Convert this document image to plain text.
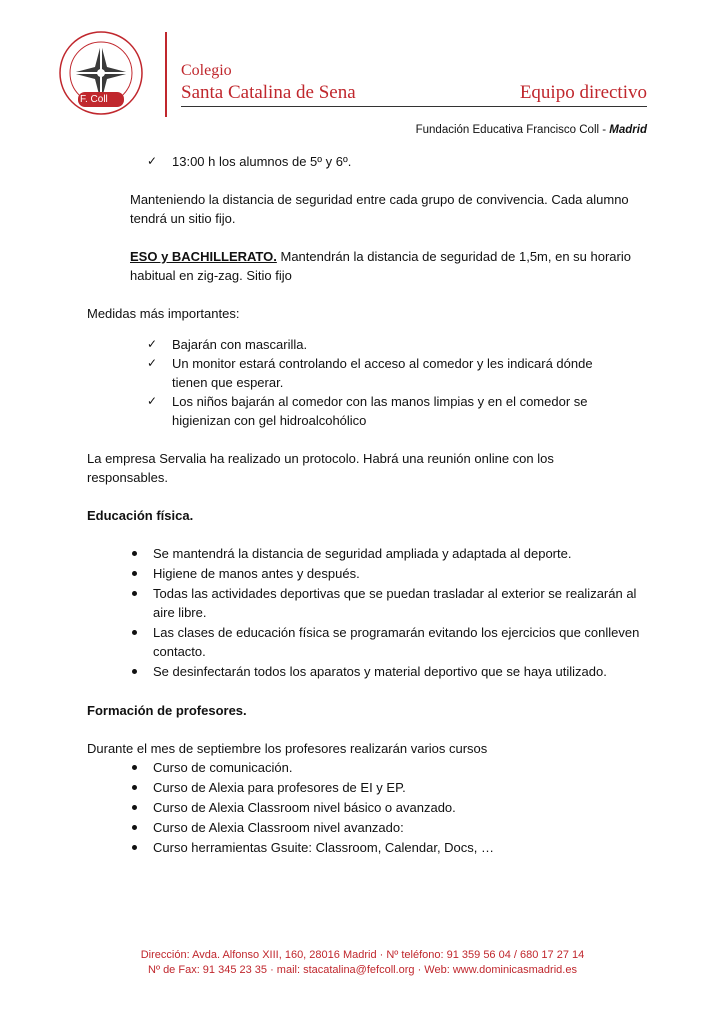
F. Coll
Colegio
Santa Catalina de Sena	Equipo directivo
Fundación Educativa Francisco Coll - Madrid
✓ 13:00 h los alumnos de 5º y 6º.

Manteniendo la distancia de seguridad entre cada grupo de convivencia. Cada alumno
tendrá un sitio fijo.

ESO y BACHILLERATO. Mantendrán la distancia de seguridad de 1,5m, en su horario
habitual en zig-zag. Sitio fijo

Medidas más importantes:

✓ Bajarán con mascarilla.
✓ Un monitor estará controlando el acceso al comedor y les indicará dónde
tienen que esperar.
✓ Los niños bajarán al comedor con las manos limpias y en el comedor se
higienizan con gel hidroalcohólico

La empresa Servalia ha realizado un protocolo. Habrá una reunión online con los
responsables.

Educación física.

Se mantendrá la distancia de seguridad ampliada y adaptada al deporte.
Higiene de manos antes y después.
Todas las actividades deportivas que se puedan trasladar al exterior se realizarán al
aire libre.
Las clases de educación física se programarán evitando los ejercicios que conlleven
contacto.
Se desinfectarán todos los aparatos y material deportivo que se haya utilizado.

Formación de profesores.

Durante el mes de septiembre los profesores realizarán varios cursos

Curso de comunicación.
Curso de Alexia para profesores de EI y EP.
Curso de Alexia Classroom nivel básico o avanzado.
Curso de Alexia Classroom nivel avanzado:
Curso herramientas Gsuite: Classroom, Calendar, Docs, …
Dirección: Avda. Alfonso XIII, 160, 28016 Madrid · Nº teléfono: 91 359 56 04 / 680 17 27 14
Nº de Fax: 91 345 23 35 · mail: stacatalina@fefcoll.org · Web: www.dominicasmadrid.es
